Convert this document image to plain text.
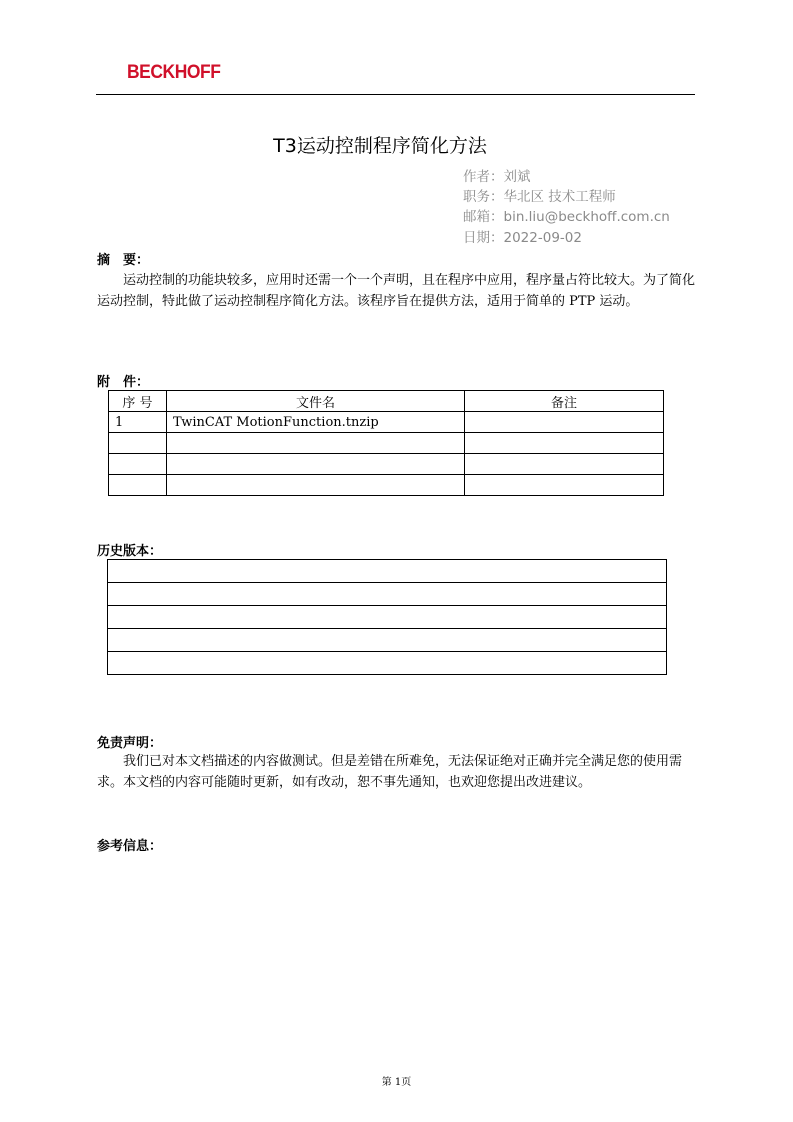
BECKHOFF
T3运动控制程序简化方法
作者：刘斌
职务：华北区 技术工程师
邮箱：bin.liu@beckhoff.com.cn
日期：2022-09-02
摘　要：
运动控制的功能块较多，应用时还需一个一个声明，且在程序中应用，程序量占符比较大。为了简化运动控制，特此做了运动控制程序简化方法。该程序旨在提供方法，适用于简单的 PTP 运动。
附　件：
序 号	文件名	备注
1	TwinCAT MotionFunction.tnzip	

历史版本：

免责声明：
我们已对本文档描述的内容做测试。但是差错在所难免，无法保证绝对正确并完全满足您的使用需求。本文档的内容可能随时更新，如有改动，恕不事先通知，也欢迎您提出改进建议。
参考信息：
第 1页
